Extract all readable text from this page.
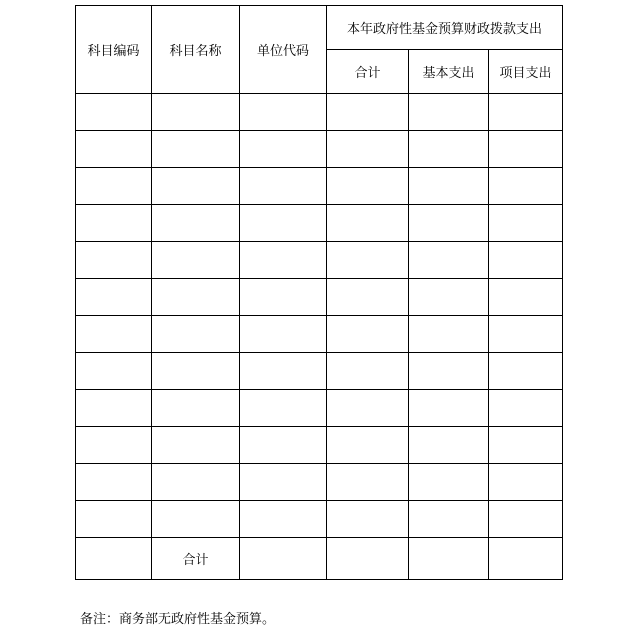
科目编码	科目名称	单位代码	本年政府性基金预算财政拨款支出		
			合计	基本支出	项目支出

	合计				
备注：商务部无政府性基金预算。
